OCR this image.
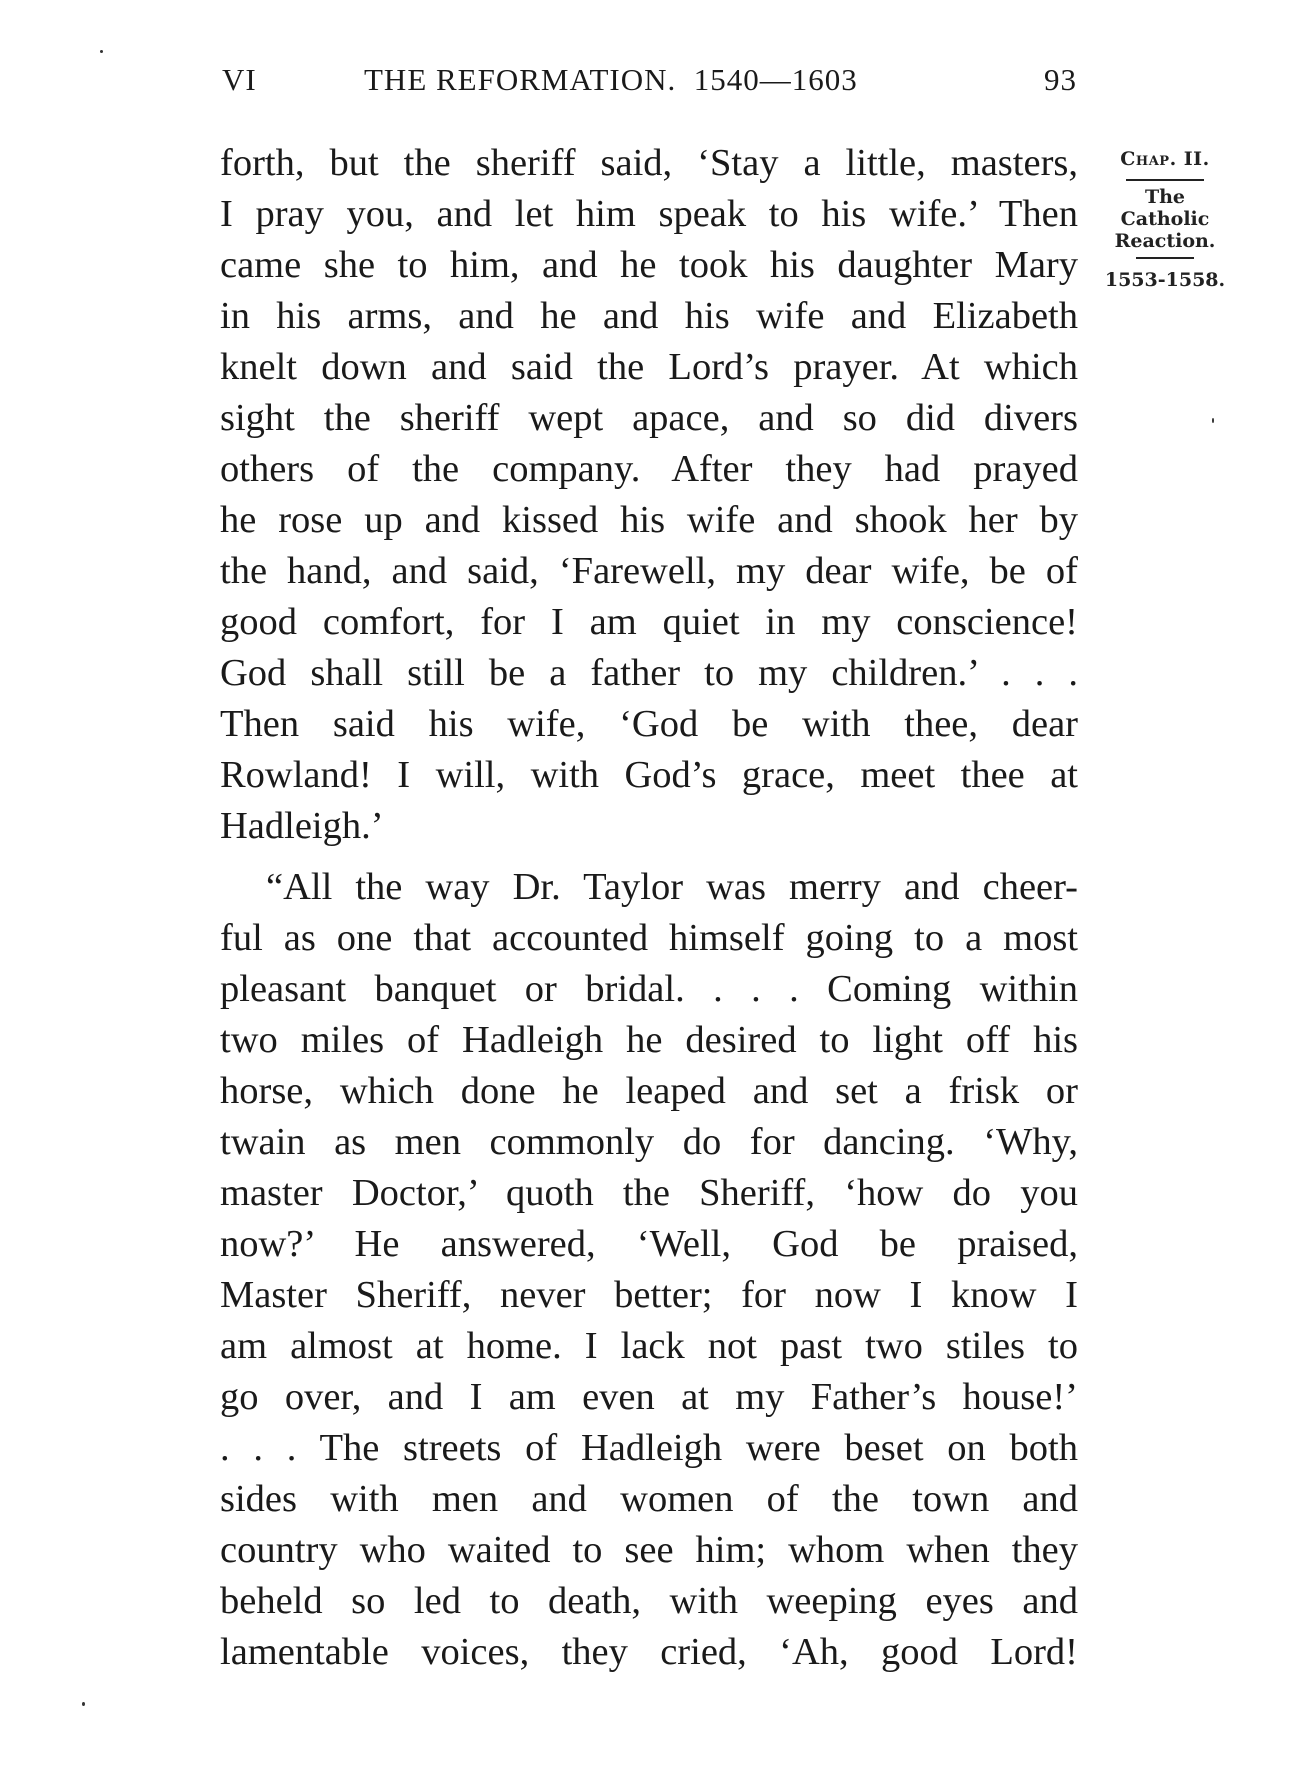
VI	THE REFORMATION.  1540—1603	93
forth, but the sheriff said, ‘Stay a little, masters,
I pray you, and let him speak to his wife.’ Then
came she to him, and he took his daughter Mary
in his arms, and he and his wife and Elizabeth
knelt down and said the Lord’s prayer. At which
sight the sheriff wept apace, and so did divers
others of the company. After they had prayed
he rose up and kissed his wife and shook her by
the hand, and said, ‘Farewell, my dear wife, be of
good comfort, for I am quiet in my conscience!
God shall still be a father to my children.’ . . .
Then said his wife, ‘God be with thee, dear
Rowland! I will, with God’s grace, meet thee at
Hadleigh.’
“All the way Dr. Taylor was merry and cheer-
ful as one that accounted himself going to a most
pleasant banquet or bridal. . . . Coming within
two miles of Hadleigh he desired to light off his
horse, which done he leaped and set a frisk or
twain as men commonly do for dancing. ‘Why,
master Doctor,’ quoth the Sheriff, ‘how do you
now?’ He answered, ‘Well, God be praised,
Master Sheriff, never better; for now I know I
am almost at home. I lack not past two stiles to
go over, and I am even at my Father’s house!’
. . . The streets of Hadleigh were beset on both
sides with men and women of the town and
country who waited to see him; whom when they
beheld so led to death, with weeping eyes and
lamentable voices, they cried, ‘Ah, good Lord!
Chap. II.
The
Catholic
Reaction.
1553-1558.
